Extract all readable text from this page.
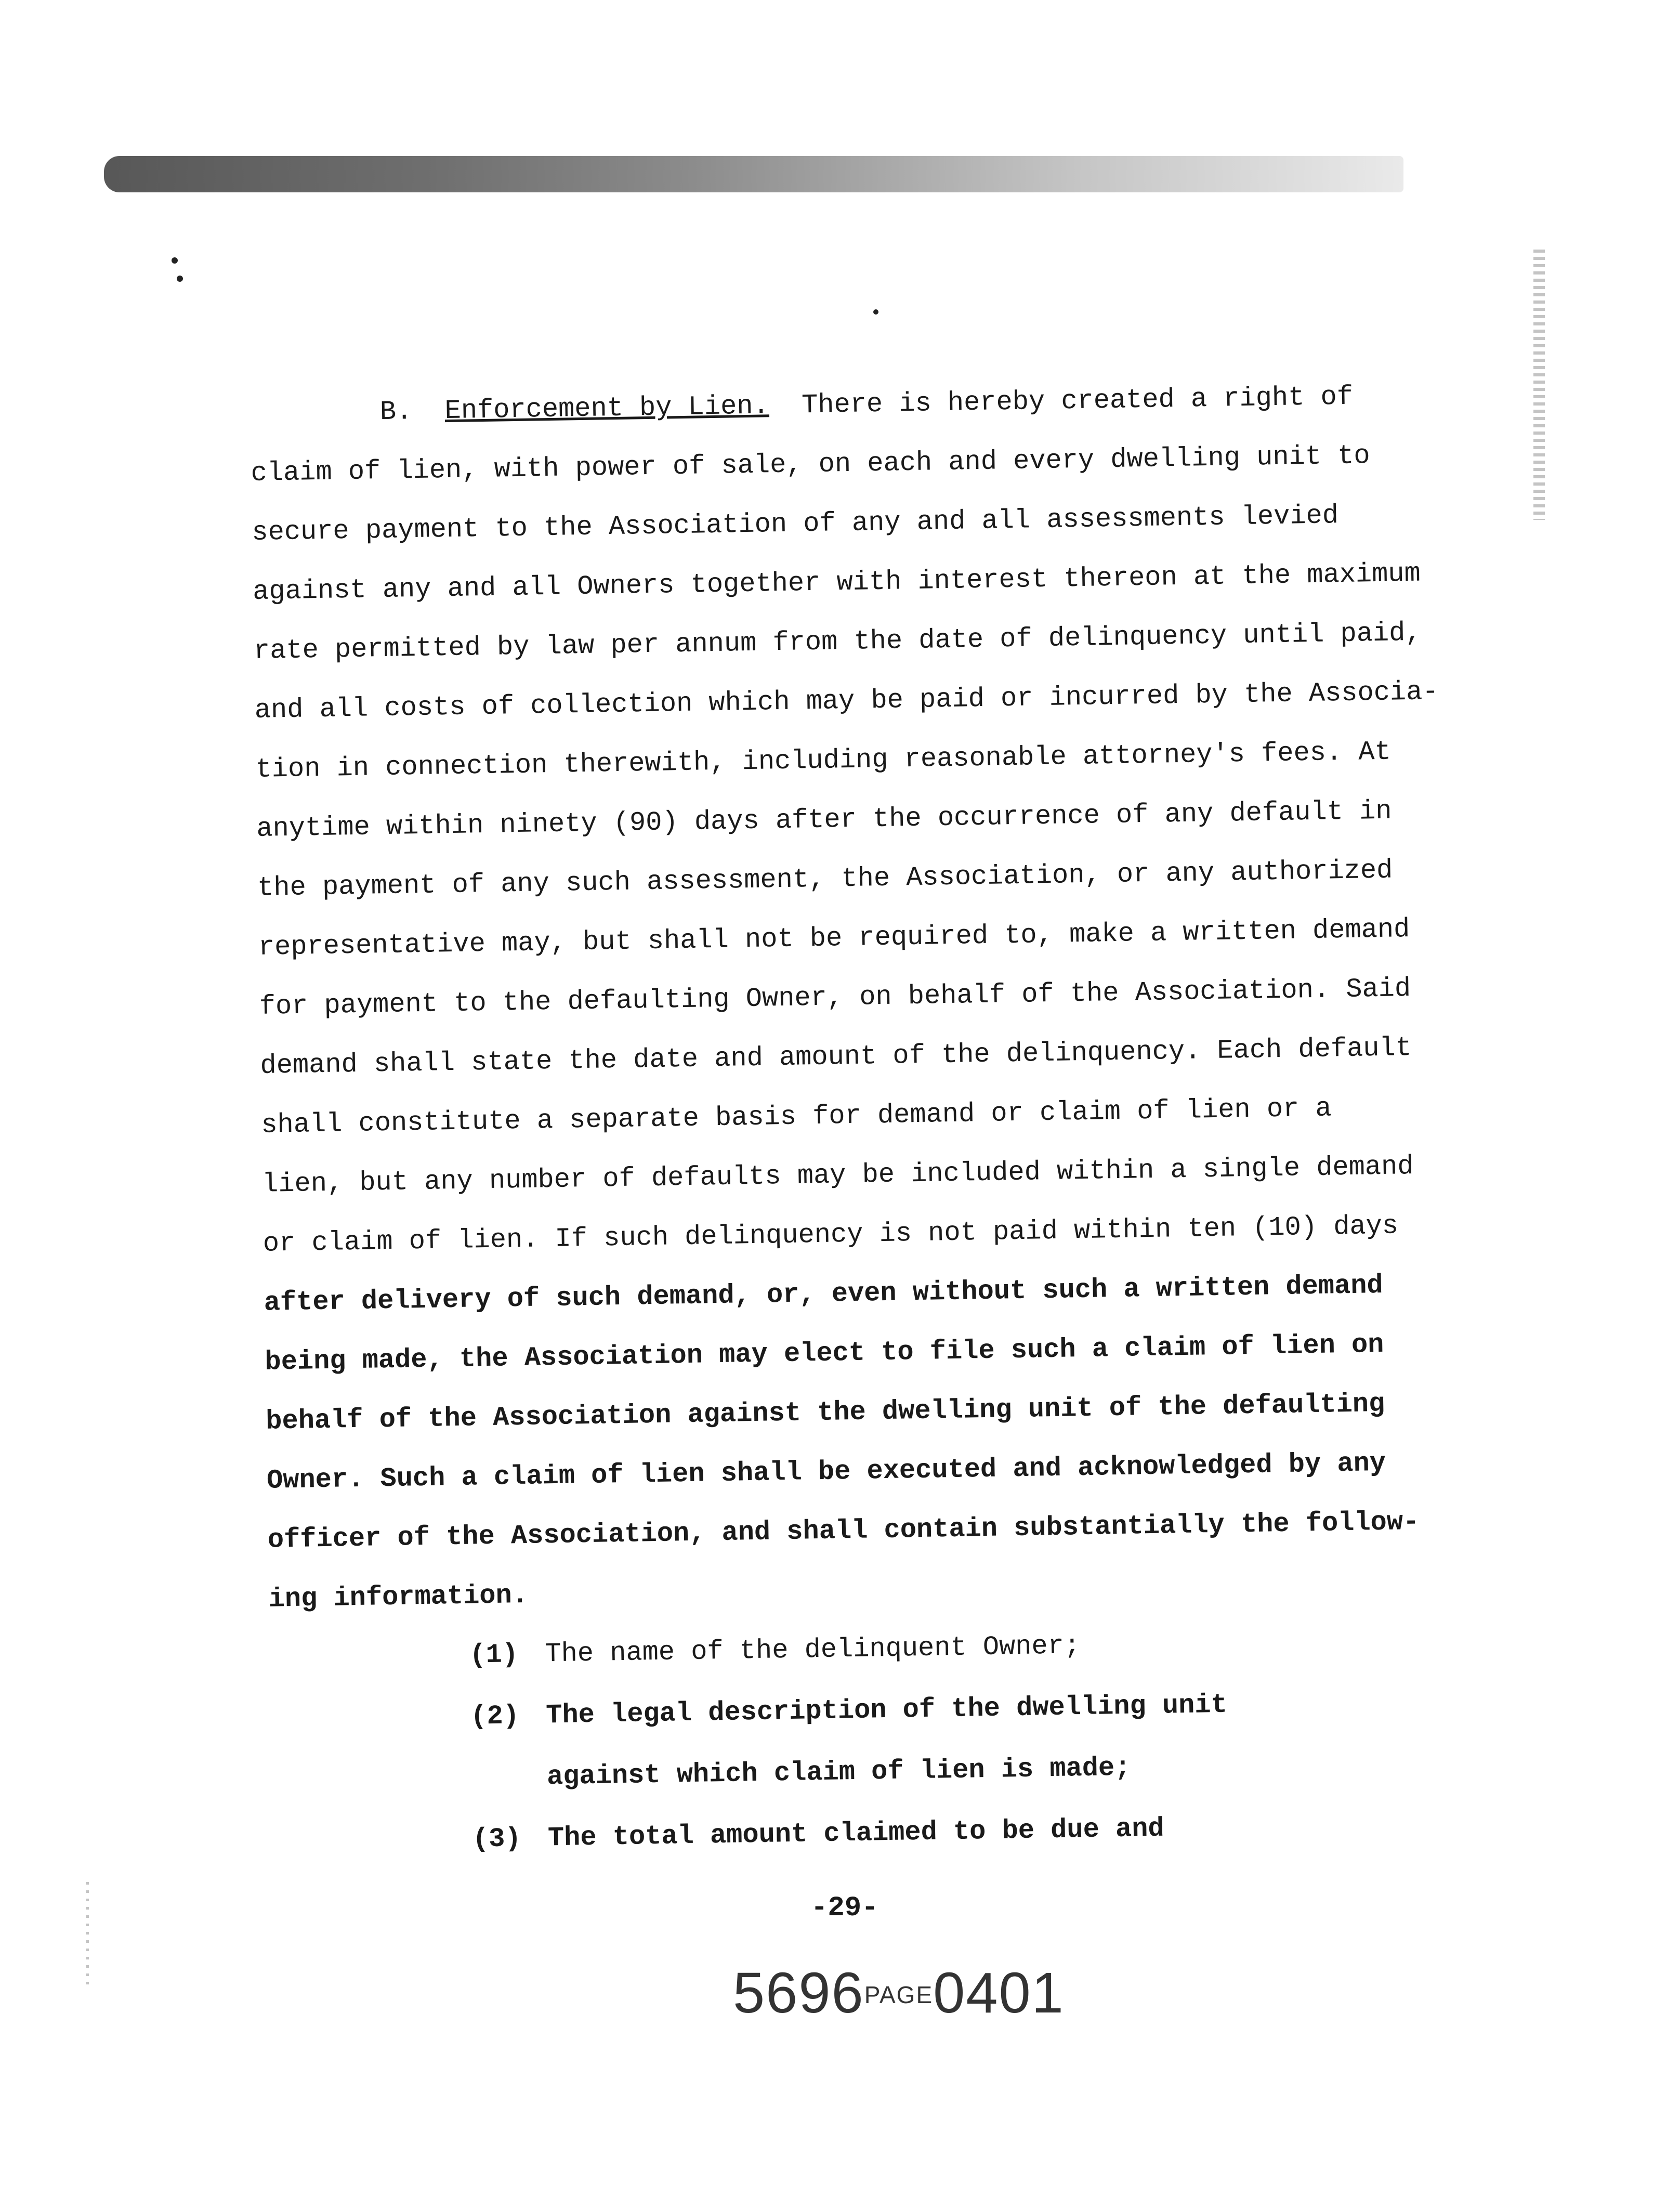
B. Enforcement by Lien. There is hereby created a right of
claim of lien, with power of sale, on each and every dwelling unit to
secure payment to the Association of any and all assessments levied
against any and all Owners together with interest thereon at the maximum
rate permitted by law per annum from the date of delinquency until paid,
and all costs of collection which may be paid or incurred by the Associa-
tion in connection therewith, including reasonable attorney's fees. At
anytime within ninety (90) days after the occurrence of any default in
the payment of any such assessment, the Association, or any authorized
representative may, but shall not be required to, make a written demand
for payment to the defaulting Owner, on behalf of the Association. Said
demand shall state the date and amount of the delinquency. Each default
shall constitute a separate basis for demand or claim of lien or a
lien, but any number of defaults may be included within a single demand
or claim of lien. If such delinquency is not paid within ten (10) days
after delivery of such demand, or, even without such a written demand
being made, the Association may elect to file such a claim of lien on
behalf of the Association against the dwelling unit of the defaulting
Owner. Such a claim of lien shall be executed and acknowledged by any
officer of the Association, and shall contain substantially the follow-
ing information.
(1) The name of the delinquent Owner;
(2) The legal description of the dwelling unit
against which claim of lien is made;
(3) The total amount claimed to be due and
-29-
5696PAGE0401
